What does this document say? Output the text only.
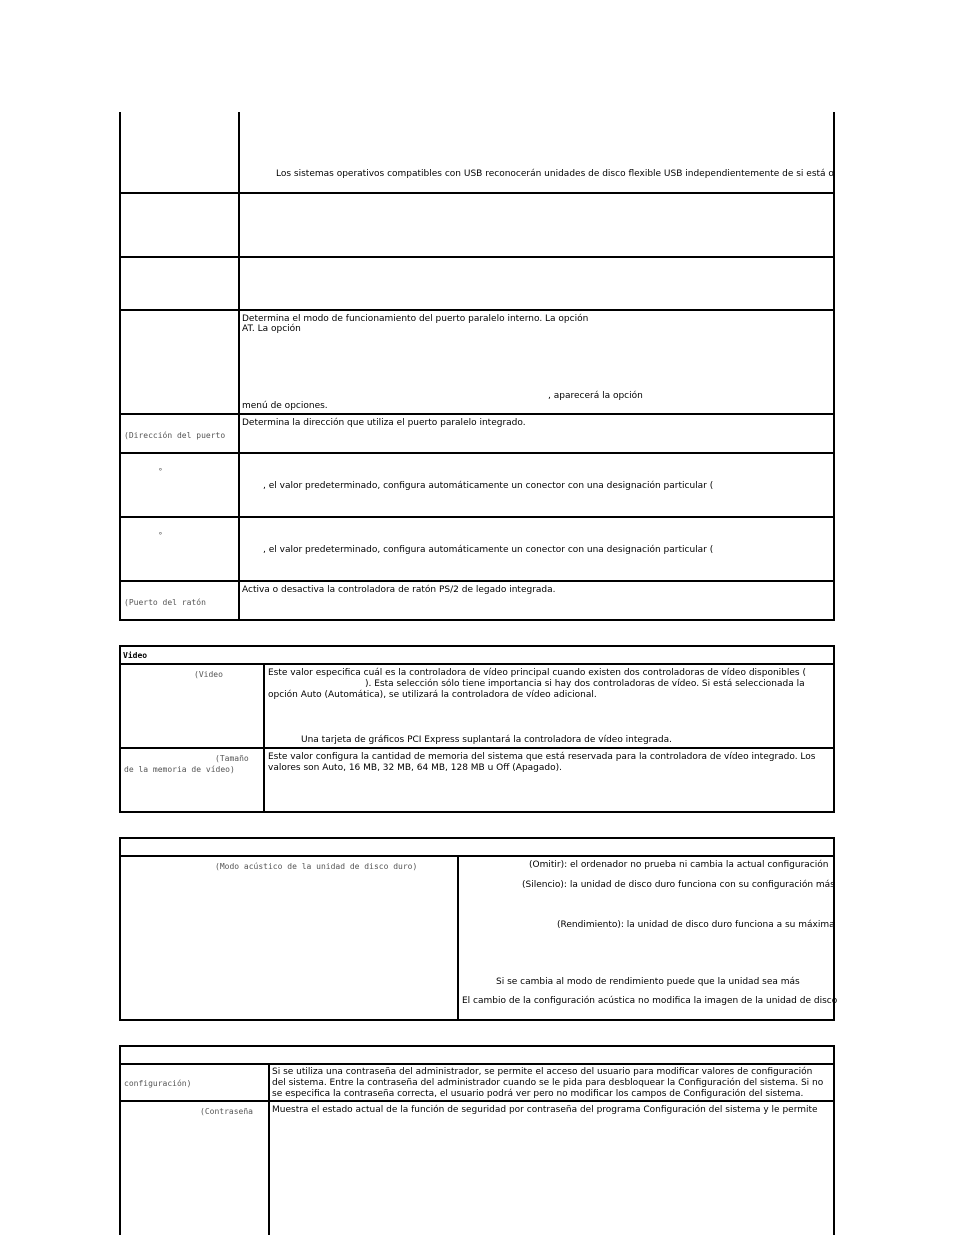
Los sistemas operativos compatibles con USB reconocerán unidades de disco flexible USB independientemente de si está o
Determina el modo de funcionamiento del puerto paralelo interno. La opción
AT. La opción
, aparecerá la opción
menú de opciones.
(Dirección del puerto
Determina la dirección que utiliza el puerto paralelo integrado.
°
, el valor predeterminado, configura automáticamente un conector con una designación particular (
°
, el valor predeterminado, configura automáticamente un conector con una designación particular (
(Puerto del ratón
Activa o desactiva la controladora de ratón PS/2 de legado integrada.
Video
(Video	Este valor especifica cuál es la controladora de vídeo principal cuando existen dos controladoras de vídeo disponibles (
). Esta selección sólo tiene importancia si hay dos controladoras de vídeo. Si está seleccionada la opción Auto (Automática), se utilizará la controladora de vídeo adicional.
Una tarjeta de gráficos PCI Express suplantará la controladora de vídeo integrada.
(Tamaño
de la memoria de vídeo)
Este valor configura la cantidad de memoria del sistema que está reservada para la controladora de vídeo integrado. Los valores son Auto, 16 MB, 32 MB, 64 MB, 128 MB u Off (Apagado).
(Modo acústico de la unidad de disco duro)	(Omitir): el ordenador no prueba ni cambia la actual configuración
(Silencio): la unidad de disco duro funciona con su configuración más
(Rendimiento): la unidad de disco duro funciona a su máxima
Si se cambia al modo de rendimiento puede que la unidad sea más
El cambio de la configuración acústica no modifica la imagen de la unidad de disco
configuración)
Si se utiliza una contraseña del administrador, se permite el acceso del usuario para modificar valores de configuración del sistema. Entre la contraseña del administrador cuando se le pida para desbloquear la Configuración del sistema. Si no se especifica la contraseña correcta, el usuario podrá ver pero no modificar los campos de Configuración del sistema.
(Contraseña Muestra el estado actual de la función de seguridad por contraseña del programa Configuración del sistema y le permite
